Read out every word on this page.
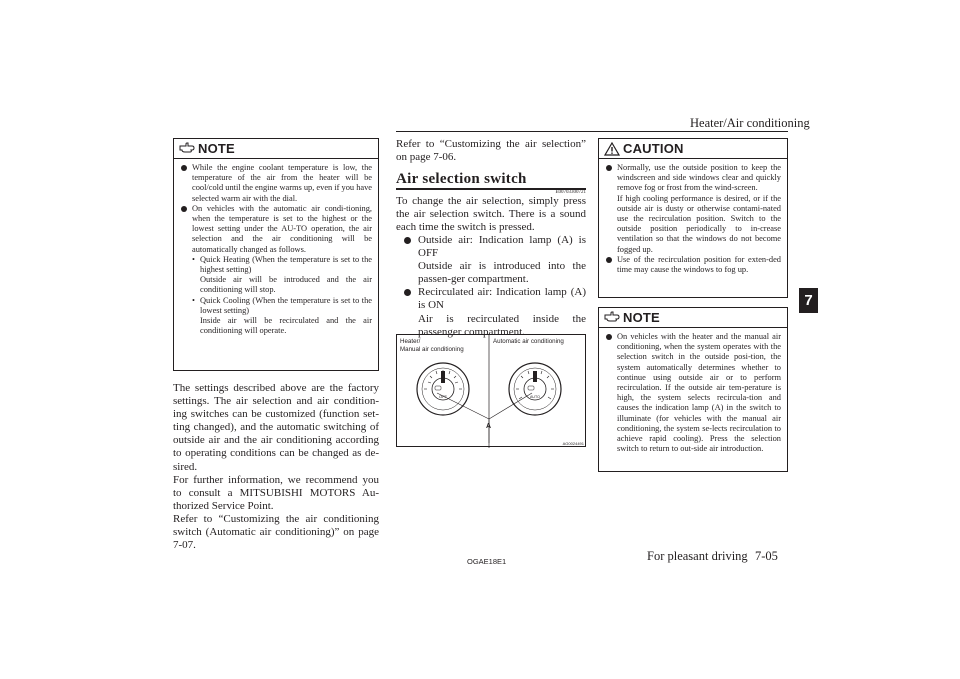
Heater/Air conditioning
7
NOTE
While the engine coolant temperature is low, the temperature of the air from the heater will be cool/cold until the engine warms up, even if you have selected warm air with the dial.
On vehicles with the automatic air condi-tioning, when the temperature is set to the highest or the lowest setting under the AU-TO operation, the air selection and the air conditioning will be automatically changed as follows.
• Quick Heating (When the temperature is set to the highest setting)
Outside air will be introduced and the air conditioning will stop.
• Quick Cooling (When the temperature is set to the lowest setting)
Inside air will be recirculated and the air conditioning will operate.
The settings described above are the factory settings. The air selection and air condition-ing switches can be customized (function set-ting changed), and the automatic switching of outside air and the air conditioning according to operating conditions can be changed as de-sired.
For further information, we recommend you to consult a MITSUBISHI MOTORS Au-thorized Service Point.
Refer to “Customizing the air conditioning switch (Automatic air conditioning)” on page 7-07.
Refer to “Customizing the air selection” on page 7-06.
Air selection switch
E00703300721
To change the air selection, simply press the air selection switch. There is a sound each time the switch is pressed.
Outside air: Indication lamp (A) is OFF
Outside air is introduced into the passen-ger compartment.
Recirculated air: Indication lamp (A) is ON
Air is recirculated inside the passenger compartment.
Heater/
Manual air conditioning
Automatic air conditioning
OFF	AUTO
A
AG0024491
CAUTION
Normally, use the outside position to keep the windscreen and side windows clear and quickly remove fog or frost from the wind-screen.
If high cooling performance is desired, or if the outside air is dusty or otherwise contami-nated use the recirculation position. Switch to the outside position periodically to in-crease ventilation so that the windows do not become fogged up.
Use of the recirculation position for exten-ded time may cause the windows to fog up.
NOTE
On vehicles with the heater and the manual air conditioning, when the system operates with the selection switch in the outside posi-tion, the system automatically determines whether to continue using outside air or to perform recirculation. If the outside air tem-perature is high, the system selects recircula-tion and causes the indication lamp (A) in the switch to illuminate (for vehicles with the manual air conditioning, the system se-lects recirculation to achieve rapid cooling). Press the selection switch to return to out-side air introduction.
OGAE18E1	For pleasant driving 7-05
